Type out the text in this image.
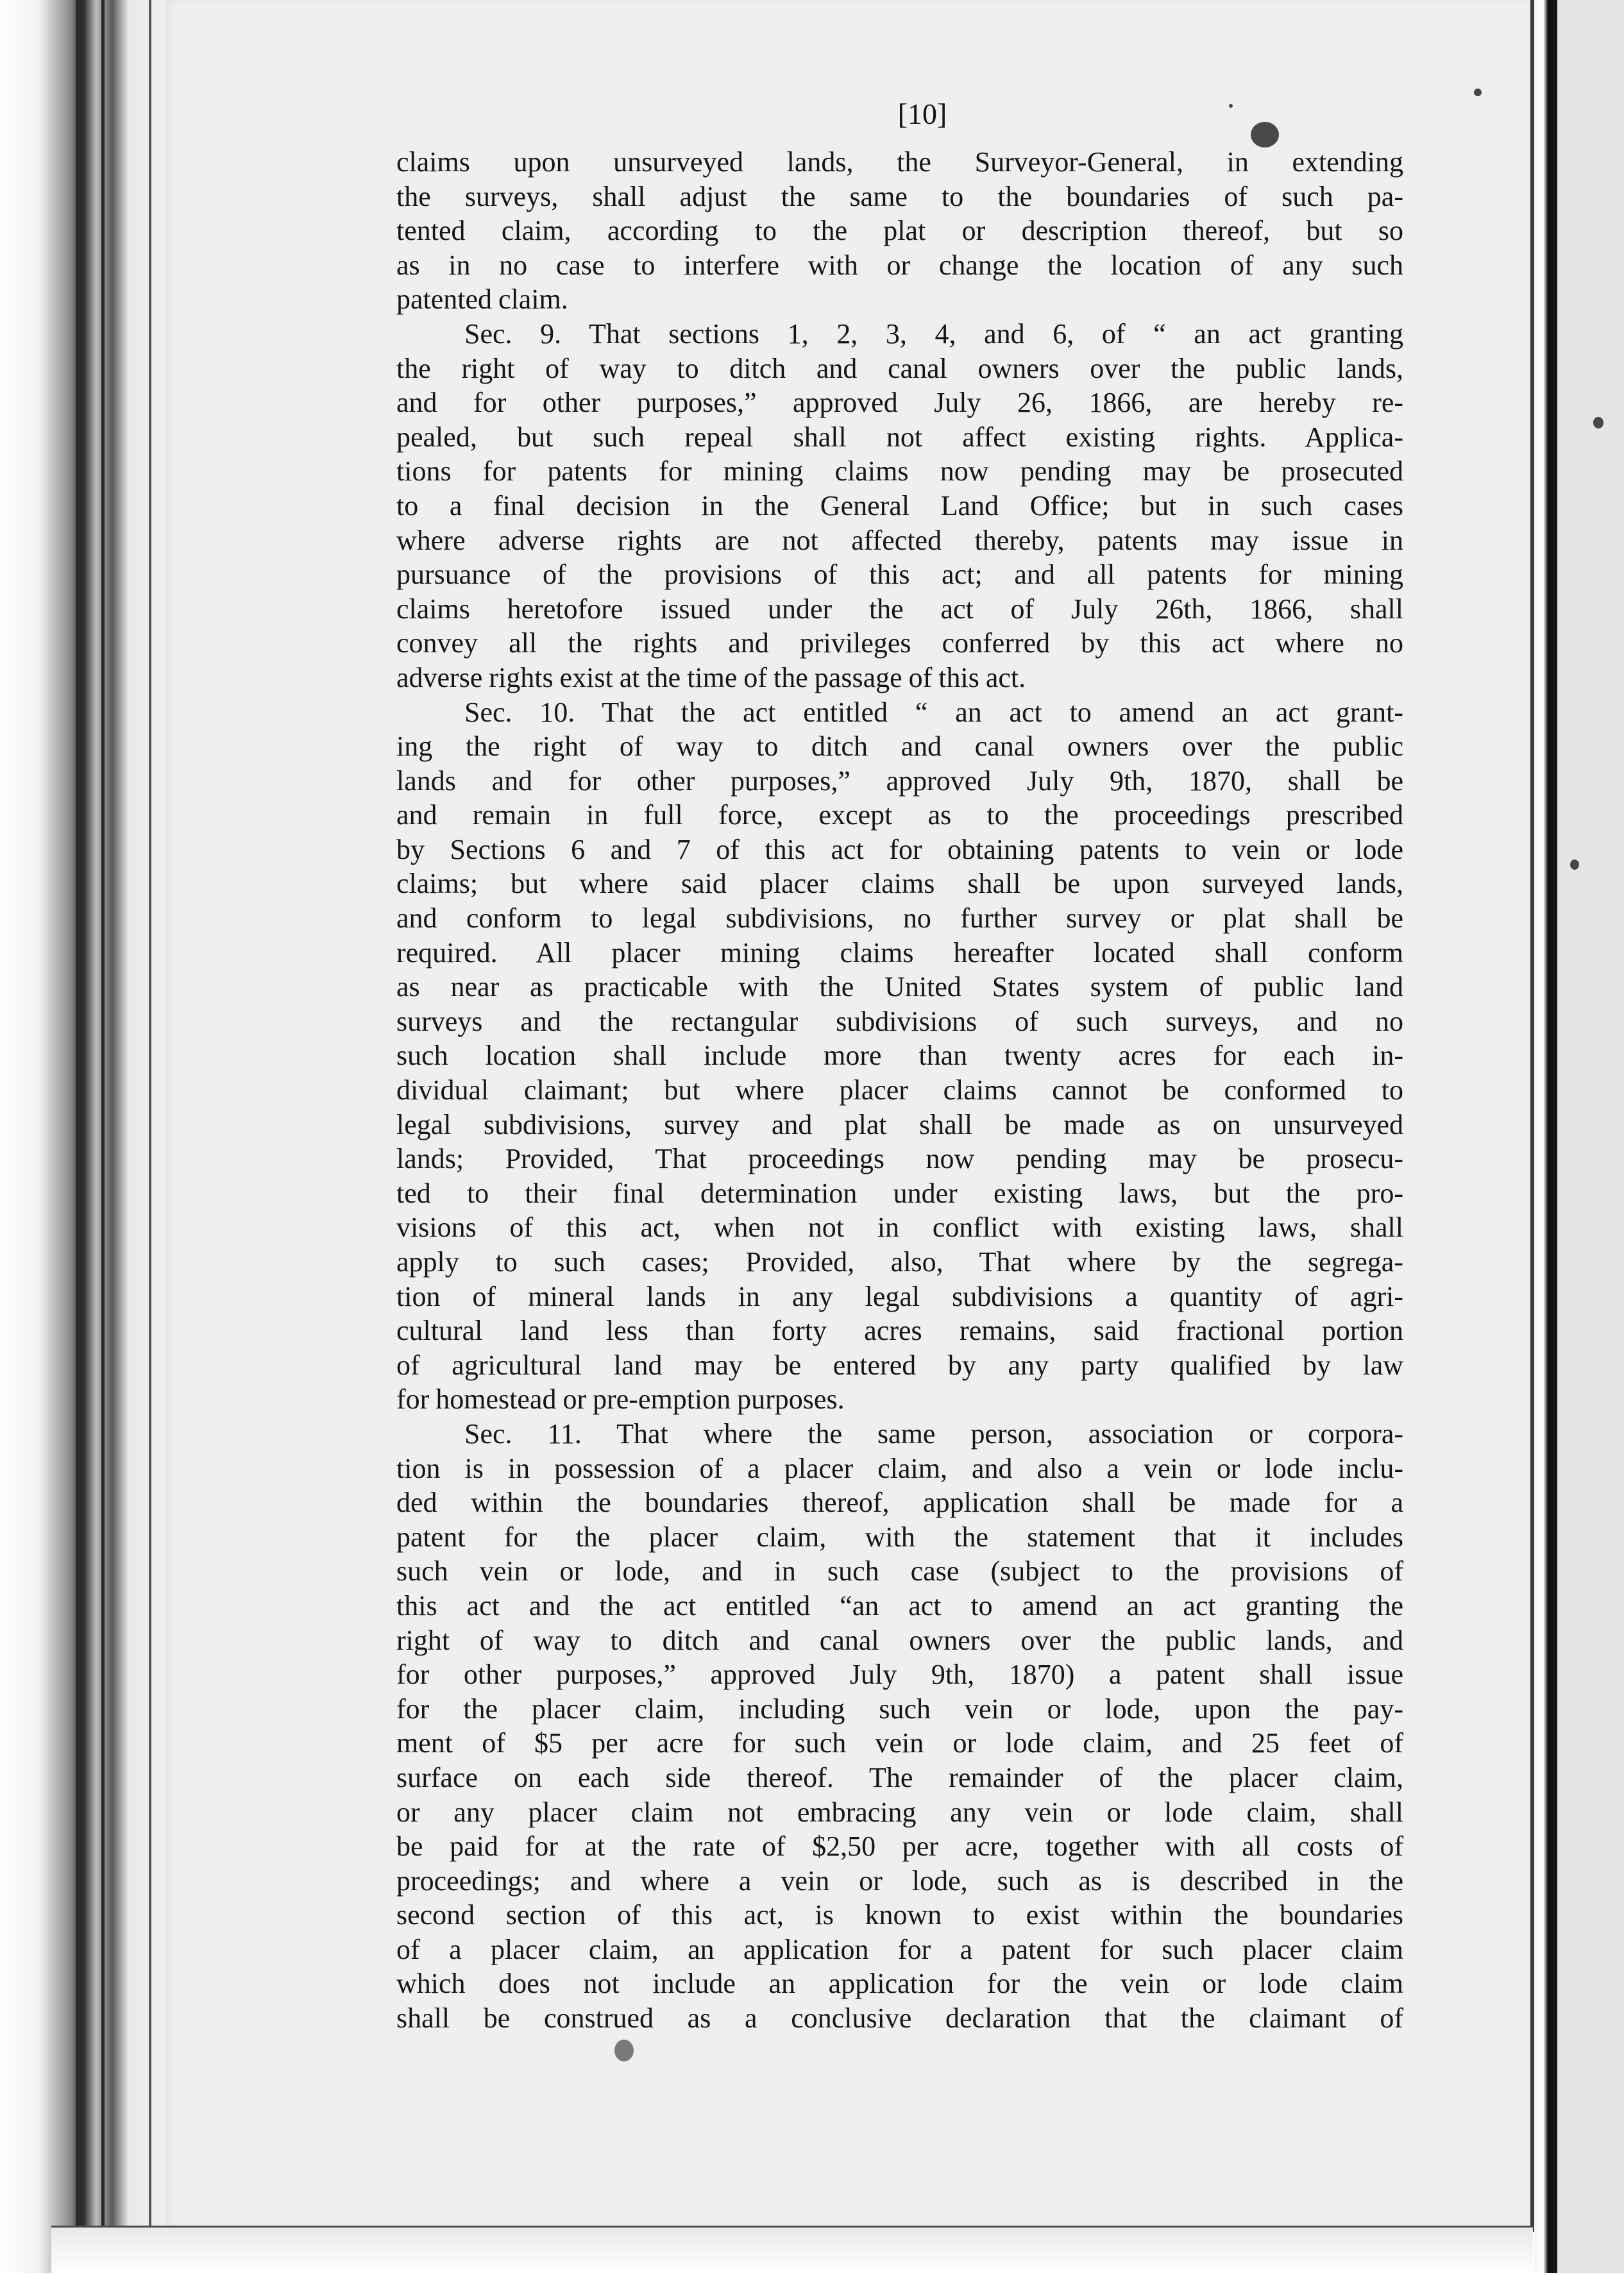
[10]
claims upon unsurveyed lands, the Surveyor-General, in extending
the surveys, shall adjust the same to the boundaries of such pa-
tented claim, according to the plat or description thereof, but so
as in no case to interfere with or change the location of any such
patented claim.
Sec. 9. That sections 1, 2, 3, 4, and 6, of “ an act granting
the right of way to ditch and canal owners over the public lands,
and for other purposes,” approved July 26, 1866, are hereby re-
pealed, but such repeal shall not affect existing rights. Applica-
tions for patents for mining claims now pending may be prosecuted
to a final decision in the General Land Office; but in such cases
where adverse rights are not affected thereby, patents may issue in
pursuance of the provisions of this act; and all patents for mining
claims heretofore issued under the act of July 26th, 1866, shall
convey all the rights and privileges conferred by this act where no
adverse rights exist at the time of the passage of this act.
Sec. 10. That the act entitled “ an act to amend an act grant-
ing the right of way to ditch and canal owners over the public
lands and for other purposes,” approved July 9th, 1870, shall be
and remain in full force, except as to the proceedings prescribed
by Sections 6 and 7 of this act for obtaining patents to vein or lode
claims; but where said placer claims shall be upon surveyed lands,
and conform to legal subdivisions, no further survey or plat shall be
required. All placer mining claims hereafter located shall conform
as near as practicable with the United States system of public land
surveys and the rectangular subdivisions of such surveys, and no
such location shall include more than twenty acres for each in-
dividual claimant; but where placer claims cannot be conformed to
legal subdivisions, survey and plat shall be made as on unsurveyed
lands; Provided, That proceedings now pending may be prosecu-
ted to their final determination under existing laws, but the pro-
visions of this act, when not in conflict with existing laws, shall
apply to such cases; Provided, also, That where by the segrega-
tion of mineral lands in any legal subdivisions a quantity of agri-
cultural land less than forty acres remains, said fractional portion
of agricultural land may be entered by any party qualified by law
for homestead or pre-emption purposes.
Sec. 11. That where the same person, association or corpora-
tion is in possession of a placer claim, and also a vein or lode inclu-
ded within the boundaries thereof, application shall be made for a
patent for the placer claim, with the statement that it includes
such vein or lode, and in such case (subject to the provisions of
this act and the act entitled “an act to amend an act granting the
right of way to ditch and canal owners over the public lands, and
for other purposes,” approved July 9th, 1870) a patent shall issue
for the placer claim, including such vein or lode, upon the pay-
ment of $5 per acre for such vein or lode claim, and 25 feet of
surface on each side thereof. The remainder of the placer claim,
or any placer claim not embracing any vein or lode claim, shall
be paid for at the rate of $2,50 per acre, together with all costs of
proceedings; and where a vein or lode, such as is described in the
second section of this act, is known to exist within the boundaries
of a placer claim, an application for a patent for such placer claim
which does not include an application for the vein or lode claim
shall be construed as a conclusive declaration that the claimant of
